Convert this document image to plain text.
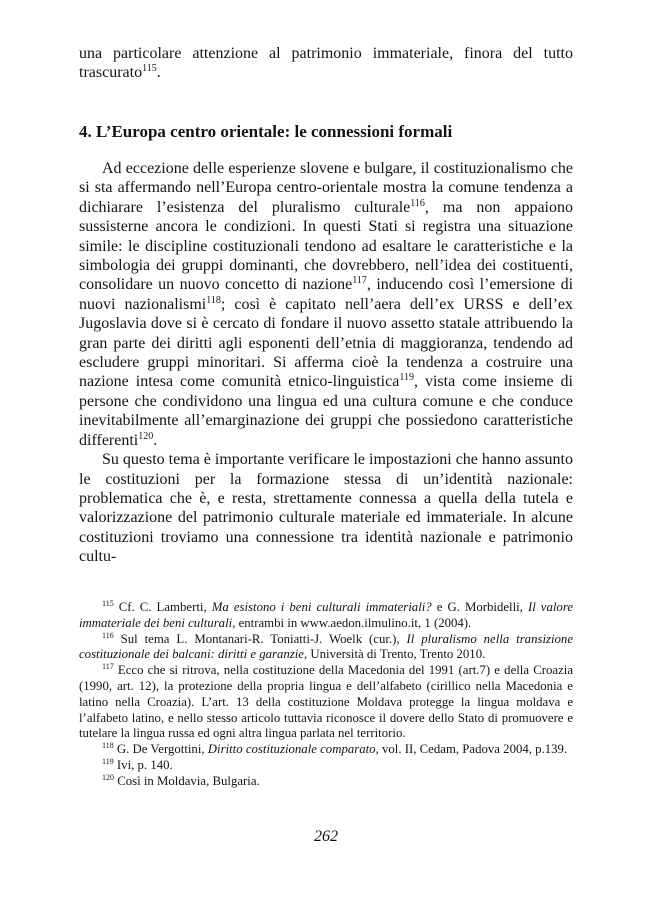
una particolare attenzione al patrimonio immateriale, finora del tutto trascurato$^{115}$.

4. L’Europa centro orientale: le connessioni formali

Ad eccezione delle esperienze slovene e bulgare, il costituzionalismo che si sta affermando nell’Europa centro-orientale mostra la comune tendenza a dichiarare l’esistenza del pluralismo culturale$^{116}$, ma non appaiono sussisterne ancora le condizioni. In questi Stati si registra una situazione simile: le discipline costituzionali tendono ad esaltare le caratteristiche e la simbologia dei gruppi dominanti, che dovrebbero, nell’idea dei costituenti, consolidare un nuovo concetto di nazione$^{117}$, inducendo così l’emersione di nuovi nazionalismi$^{118}$; così è capitato nell’aera dell’ex URSS e dell’ex Jugoslavia dove si è cercato di fondare il nuovo assetto statale attribuendo la gran parte dei diritti agli esponenti dell’etnia di maggioranza, tendendo ad escludere gruppi minoritari. Si afferma cioè la tendenza a costruire una nazione intesa come comunità etnico-linguistica$^{119}$, vista come insieme di persone che condividono una lingua ed una cultura comune e che conduce inevitabilmente all’emarginazione dei gruppi che possiedono caratteristiche differenti$^{120}$.

Su questo tema è importante verificare le impostazioni che hanno assunto le costituzioni per la formazione stessa di un’identità nazionale: problematica che è, e resta, strettamente connessa a quella della tutela e valorizzazione del patrimonio culturale materiale ed immateriale. In alcune costituzioni troviamo una connessione tra identità nazionale e patrimonio cultu-

$^{115}$ Cf. C. Lamberti, Ma esistono i beni culturali immateriali? e G. Morbidelli, Il valore immateriale dei beni culturali, entrambi in www.aedon.ilmulino.it, 1 (2004).

$^{116}$ Sul tema L. Montanari-R. Toniatti-J. Woelk (cur.), Il pluralismo nella transizione costituzionale dei balcani: diritti e garanzie, Università di Trento, Trento 2010.

$^{117}$ Ecco che si ritrova, nella costituzione della Macedonia del 1991 (art.7) e della Croazia (1990, art. 12), la protezione della propria lingua e dell’alfabeto (cirillico nella Macedonia e latino nella Croazia). L’art. 13 della costituzione Moldava protegge la lingua moldava e l’alfabeto latino, e nello stesso articolo tuttavia riconosce il dovere dello Stato di promuovere e tutelare la lingua russa ed ogni altra lingua parlata nel territorio.

$^{118}$ G. De Vergottini, Diritto costituzionale comparato, vol. II, Cedam, Padova 2004, p.139.

$^{119}$ Ivi, p. 140.

$^{120}$ Così in Moldavia, Bulgaria.

262
